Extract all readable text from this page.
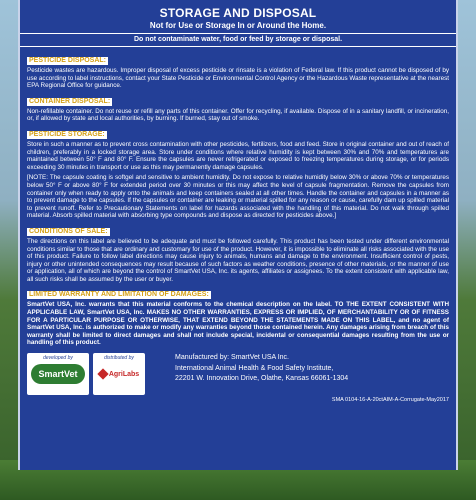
STORAGE AND DISPOSAL
Not for Use or Storage In or Around the Home.
Do not contaminate water, food or feed by storage or disposal.
PESTICIDE DISPOSAL:
Pesticide wastes are hazardous. Improper disposal of excess pesticide or rinsate is a violation of Federal law. If this product cannot be disposed of by use according to label instructions, contact your State Pesticide or Environmental Control Agency or the Hazardous Waste representative at the nearest EPA Regional Office for guidance.
CONTAINER DISPOSAL:
Non-refillable container. Do not reuse or refill any parts of this container. Offer for recycling, if available. Dispose of in a sanitary landfill, or incineration, or, if allowed by state and local authorities, by burning. If burned, stay out of smoke.
PESTICIDE STORAGE:
Store in such a manner as to prevent cross contamination with other pesticides, fertilizers, food and feed. Store in original container and out of reach of children, preferably in a locked storage area. Store under conditions where relative humidity is kept between 30% and 70% and temperatures are maintained between 50° F and 80° F. Ensure the capsules are never refrigerated or exposed to freezing temperatures during storage, or for periods exceeding 30 minutes in transport or use as this may permanently damage capsules.
[NOTE: The capsule coating is softgel and sensitive to ambient humidity. Do not expose to relative humidity below 30% or above 70% or temperatures below 50° F or above 80° F for extended period over 30 minutes or this may affect the level of capsule fragmentation. Remove the capsules from container only when ready to apply onto the animals and keep containers sealed at all other times. Handle the container and capsules in a manner as to prevent damage to the capsules. If the capsules or container are leaking or material spilled for any reason or cause, carefully dam up spilled material to prevent runoff. Refer to Precautionary Statements on label for hazards associated with the handling of this material. Do not walk through spilled material. Absorb spilled material with absorbing type compounds and dispose as directed for pesticides above.]
CONDITIONS OF SALE:
The directions on this label are believed to be adequate and must be followed carefully. This product has been tested under different environmental conditions similar to those that are ordinary and customary for use of the product. However, it is impossible to eliminate all risks associated with the use of this product. Failure to follow label directions may cause injury to animals, humans and damage to the environment. Insufficient control of pests, injury or other unintended consequences may result because of such factors as weather conditions, presence of other materials, or the manner of use or application, all of which are beyond the control of SmartVet USA, Inc. its agents, affiliates or assignees. To the extent consistent with applicable law, all such risks shall be assumed by the user or buyer.
LIMITED WARRANTY AND LIMITATION OF DAMAGES:
SmartVet USA, Inc. warrants that this material conforms to the chemical description on the label. TO THE EXTENT CONSISTENT WITH APPLICABLE LAW, SmartVet USA, Inc. MAKES NO OTHER WARRANTIES, EXPRESS OR IMPLIED, OF MERCHANTABILITY OR OF FITNESS FOR A PARTICULAR PURPOSE OR OTHERWISE, THAT EXTEND BEYOND THE STATEMENTS MADE ON THIS LABEL, and no agent of SmartVet USA, Inc. is authorized to make or modify any warranties beyond those contained herein. Any damages arising from breach of this warranty shall be limited to direct damages and shall not include special, incidental or consequential damages resulting from the use or handling of this product.
developed by
SmartVet
distributed by
AgriLabs
Manufactured by: SmartVet USA Inc.
International Animal Health & Food Safety Institute,
22201 W. Innovation Drive, Olathe, Kansas 66061-1304
SMA 0104-16-A-20ctAIM-A-Corrugate-May2017
